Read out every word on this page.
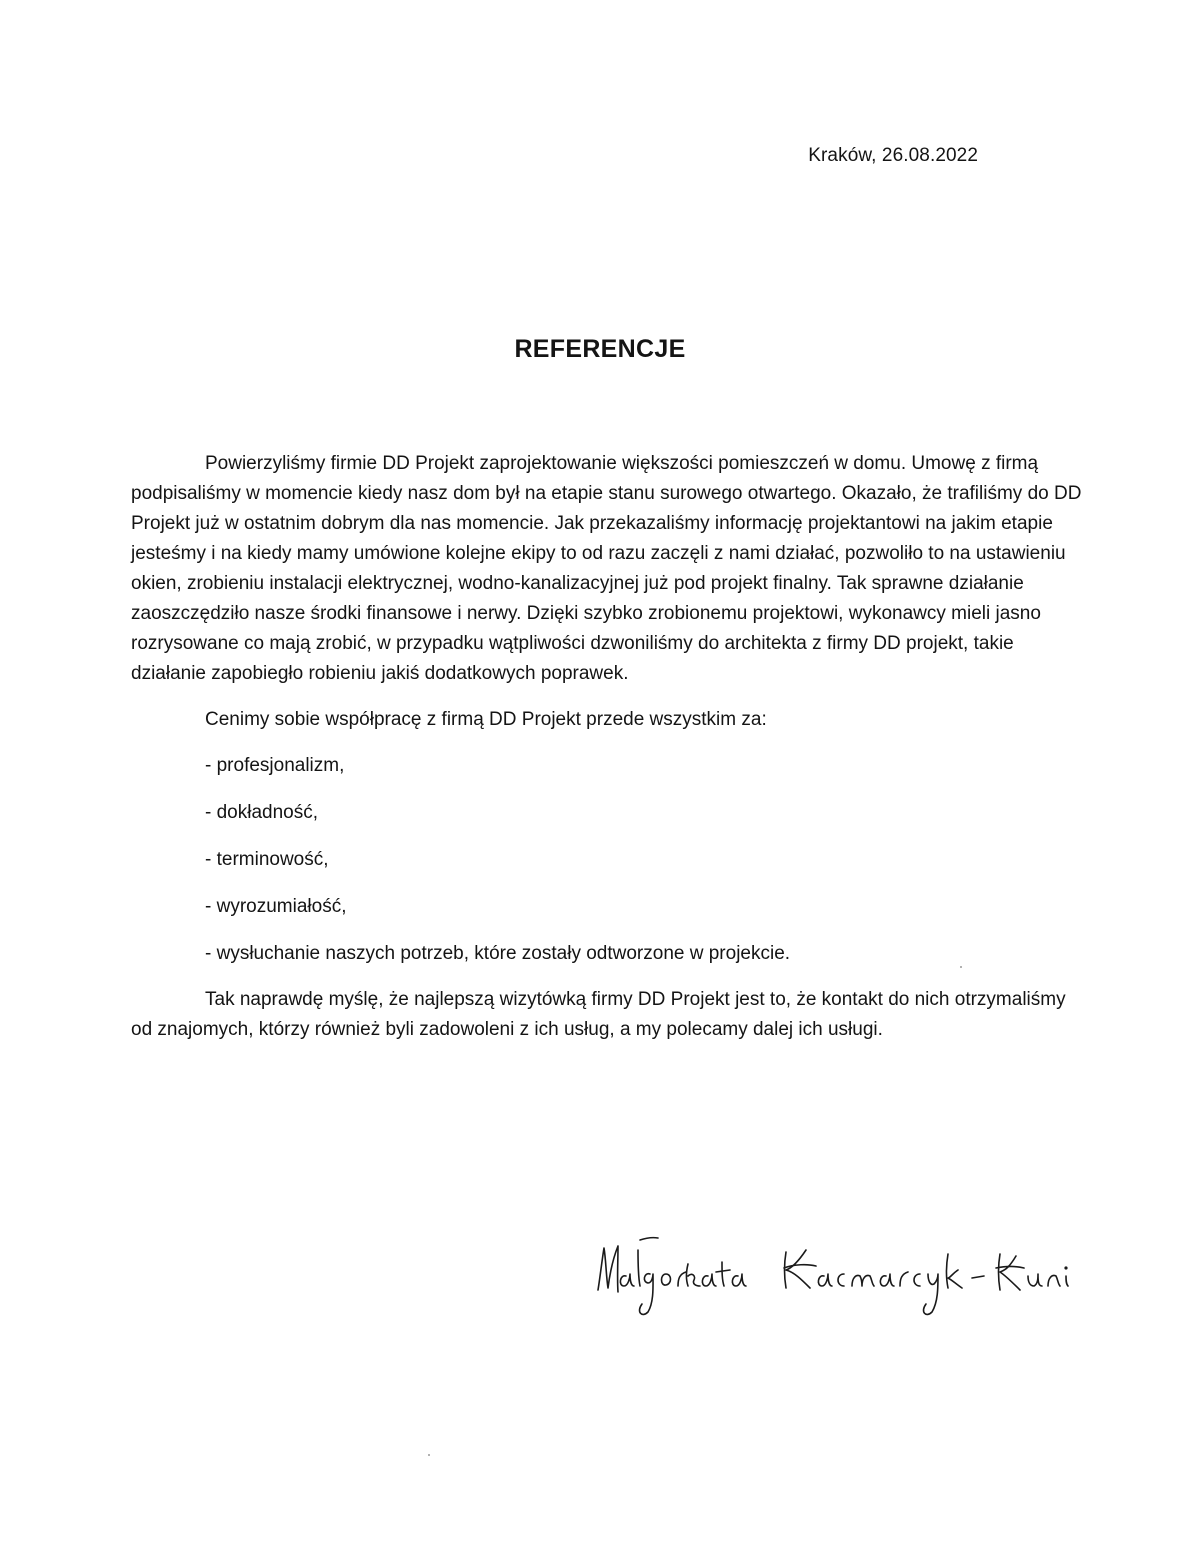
Kraków, 26.08.2022
REFERENCJE

Powierzyliśmy firmie DD Projekt zaprojektowanie większości pomieszczeń w domu. Umowę z firmą podpisaliśmy w momencie kiedy nasz dom był na etapie stanu surowego otwartego. Okazało, że trafiliśmy do DD Projekt już w ostatnim dobrym dla nas momencie. Jak przekazaliśmy informację projektantowi na jakim etapie jesteśmy i na kiedy mamy umówione kolejne ekipy to od razu zaczęli z nami działać, pozwoliło to na ustawieniu okien, zrobieniu instalacji elektrycznej, wodno-kanalizacyjnej już pod projekt finalny. Tak sprawne działanie zaoszczędziło nasze środki finansowe i nerwy. Dzięki szybko zrobionemu projektowi, wykonawcy mieli jasno rozrysowane co mają zrobić, w przypadku wątpliwości dzwoniliśmy do architekta z firmy DD projekt, takie działanie zapobiegło robieniu jakiś dodatkowych poprawek.

Cenimy sobie współpracę z firmą DD Projekt przede wszystkim za:

- profesjonalizm,
- dokładność,
- terminowość,
- wyrozumiałość,
- wysłuchanie naszych potrzeb, które zostały odtworzone w projekcie.

Tak naprawdę myślę, że najlepszą wizytówką firmy DD Projekt jest to, że kontakt do nich otrzymaliśmy od znajomych, którzy również byli zadowoleni z ich usług, a my polecamy dalej ich usługi.
